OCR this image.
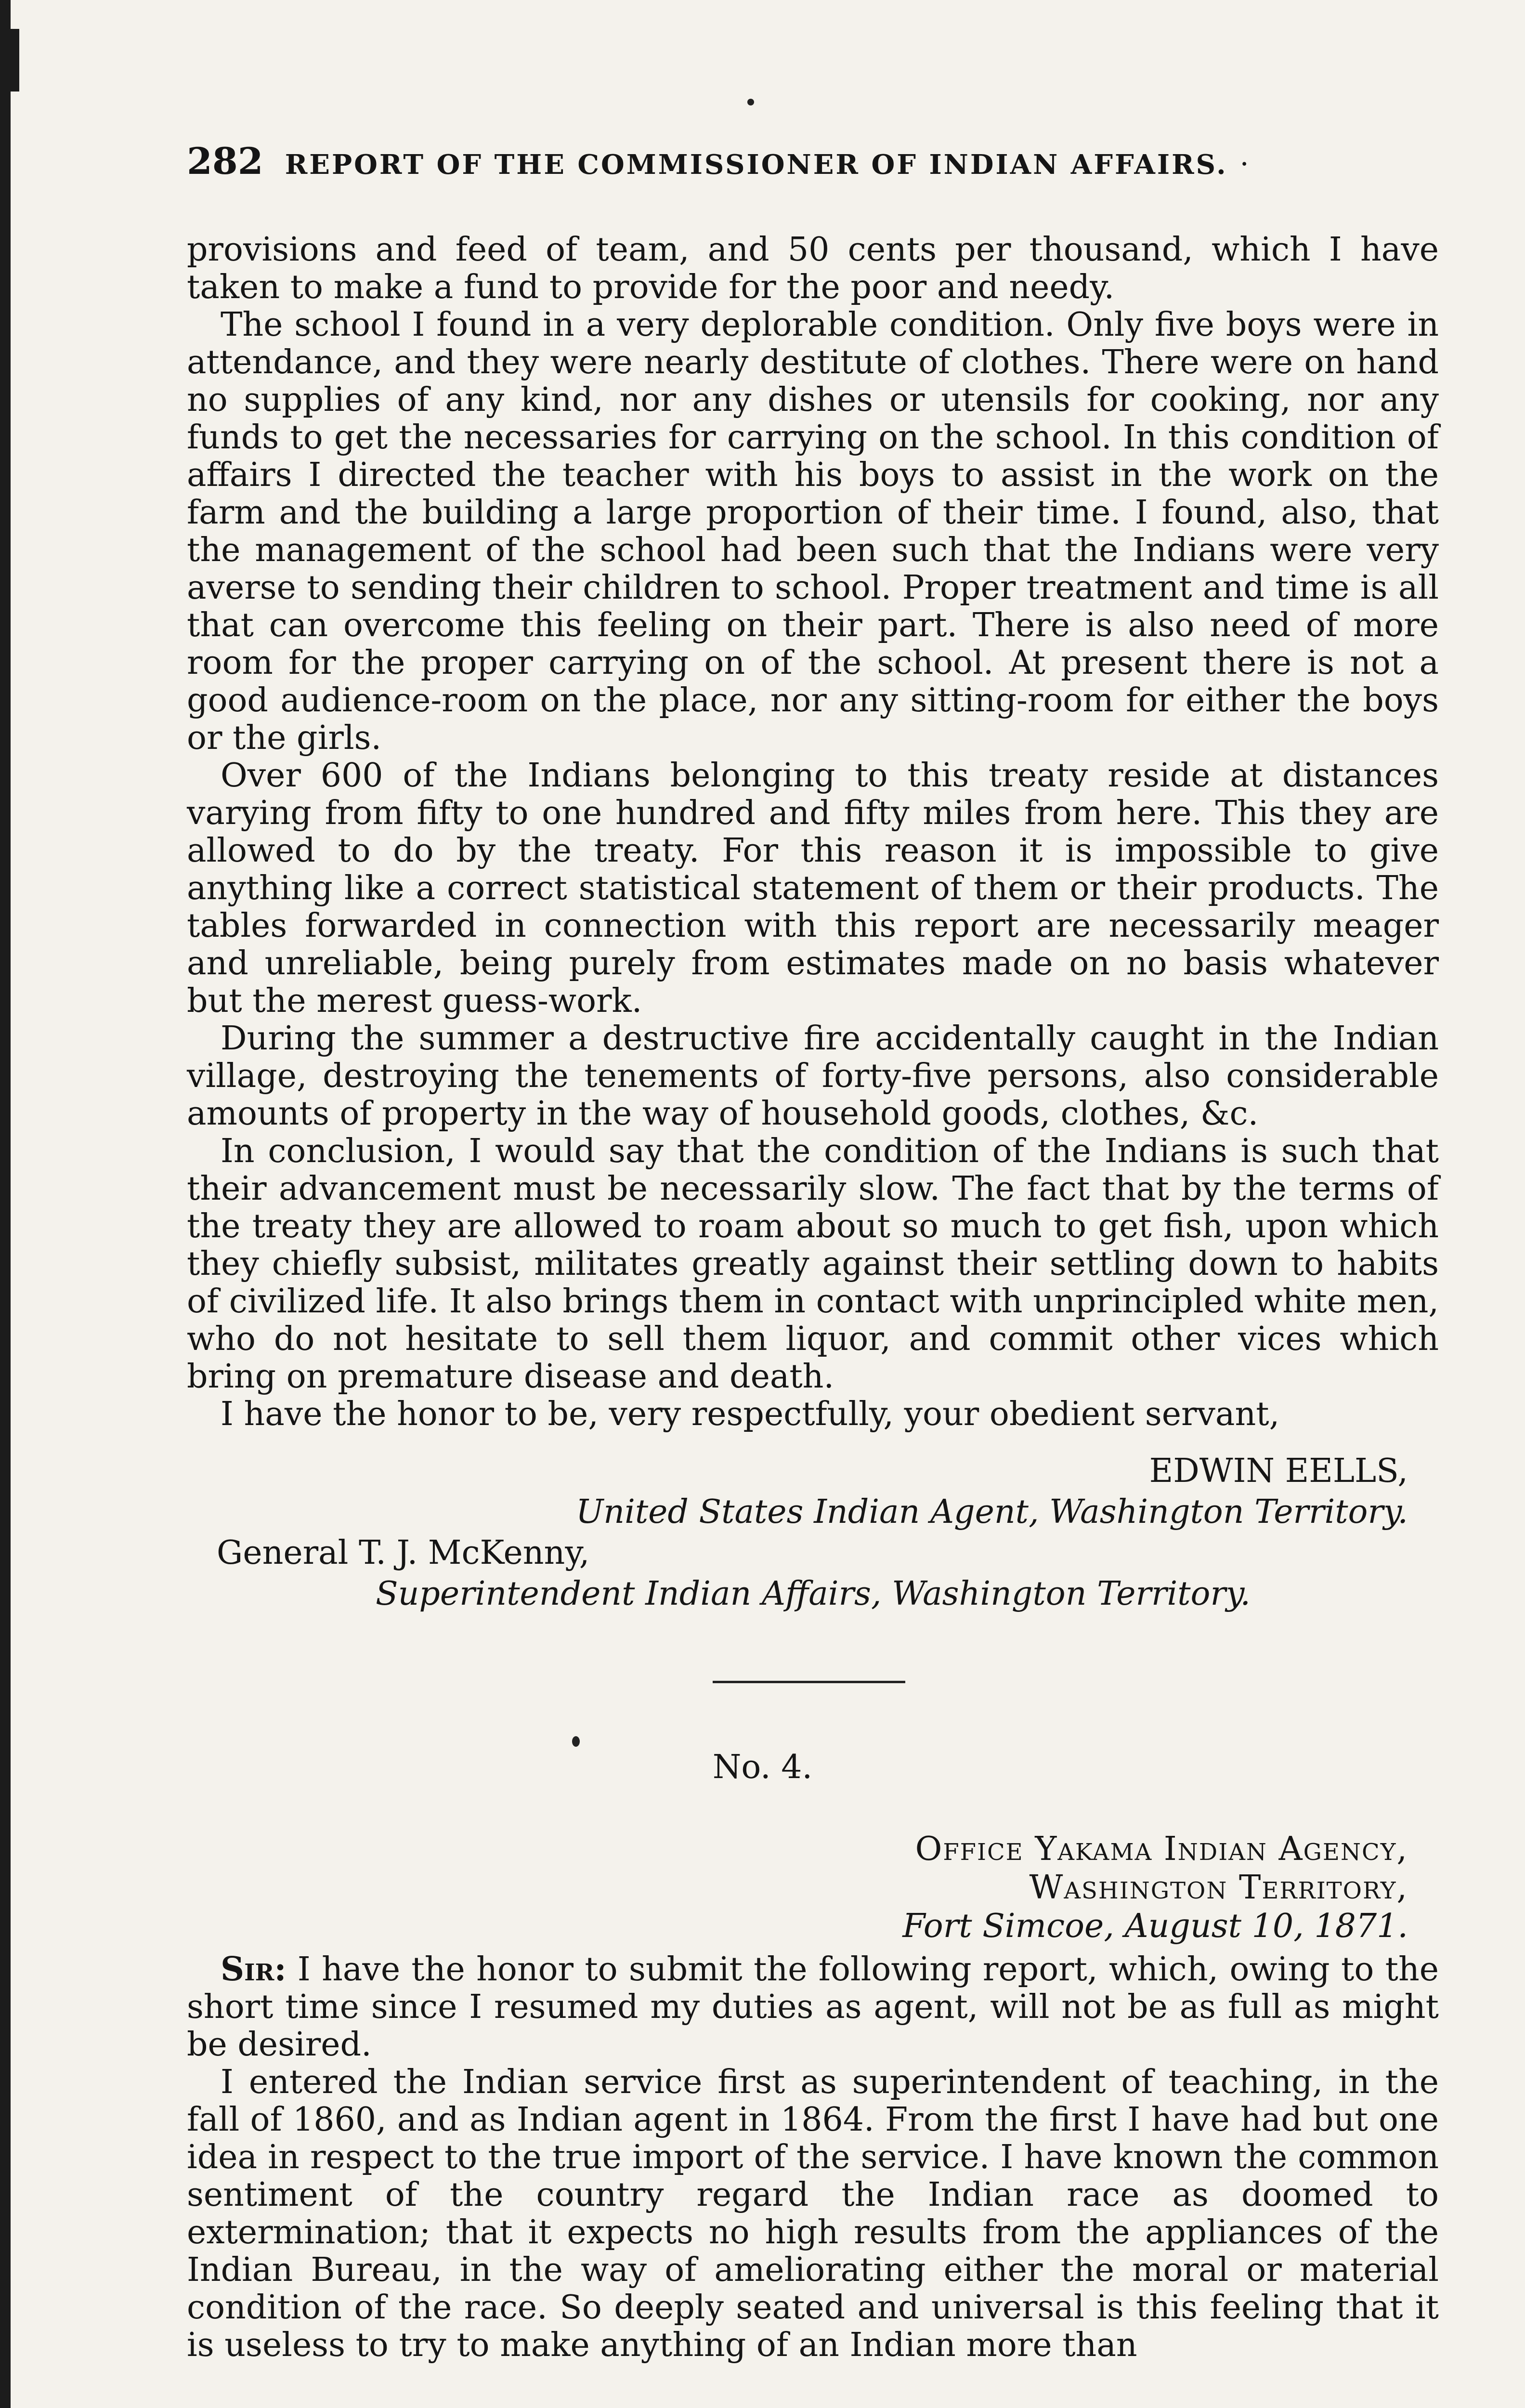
282 REPORT OF THE COMMISSIONER OF INDIAN AFFAIRS. ·

provisions and feed of team, and 50 cents per thousand, which I have taken to make a fund to provide for the poor and needy.

The school I found in a very deplorable condition. Only five boys were in attendance, and they were nearly destitute of clothes. There were on hand no supplies of any kind, nor any dishes or utensils for cooking, nor any funds to get the necessaries for carrying on the school. In this condition of affairs I directed the teacher with his boys to assist in the work on the farm and the building a large proportion of their time. I found, also, that the management of the school had been such that the Indians were very averse to sending their children to school. Proper treatment and time is all that can overcome this feeling on their part. There is also need of more room for the proper carrying on of the school. At present there is not a good audience-room on the place, nor any sitting-room for either the boys or the girls.

Over 600 of the Indians belonging to this treaty reside at distances varying from fifty to one hundred and fifty miles from here. This they are allowed to do by the treaty. For this reason it is impossible to give anything like a correct statistical statement of them or their products. The tables forwarded in connection with this report are necessarily meager and unreliable, being purely from estimates made on no basis whatever but the merest guess-work.

During the summer a destructive fire accidentally caught in the Indian village, destroying the tenements of forty-five persons, also considerable amounts of property in the way of household goods, clothes, &c.

In conclusion, I would say that the condition of the Indians is such that their advancement must be necessarily slow. The fact that by the terms of the treaty they are allowed to roam about so much to get fish, upon which they chiefly subsist, militates greatly against their settling down to habits of civilized life. It also brings them in contact with unprincipled white men, who do not hesitate to sell them liquor, and commit other vices which bring on premature disease and death.

I have the honor to be, very respectfully, your obedient servant,

EDWIN EELLS,
United States Indian Agent, Washington Territory.
General T. J. McKenny,
Superintendent Indian Affairs, Washington Territory.
No. 4.
Office Yakama Indian Agency,
Washington Territory,
Fort Simcoe, August 10, 1871.

Sir: I have the honor to submit the following report, which, owing to the short time since I resumed my duties as agent, will not be as full as might be desired.

I entered the Indian service first as superintendent of teaching, in the fall of 1860, and as Indian agent in 1864. From the first I have had but one idea in respect to the true import of the service. I have known the common sentiment of the country regard the Indian race as doomed to extermination; that it expects no high results from the appliances of the Indian Bureau, in the way of ameliorating either the moral or material condition of the race. So deeply seated and universal is this feeling that it is useless to try to make anything of an Indian more than
